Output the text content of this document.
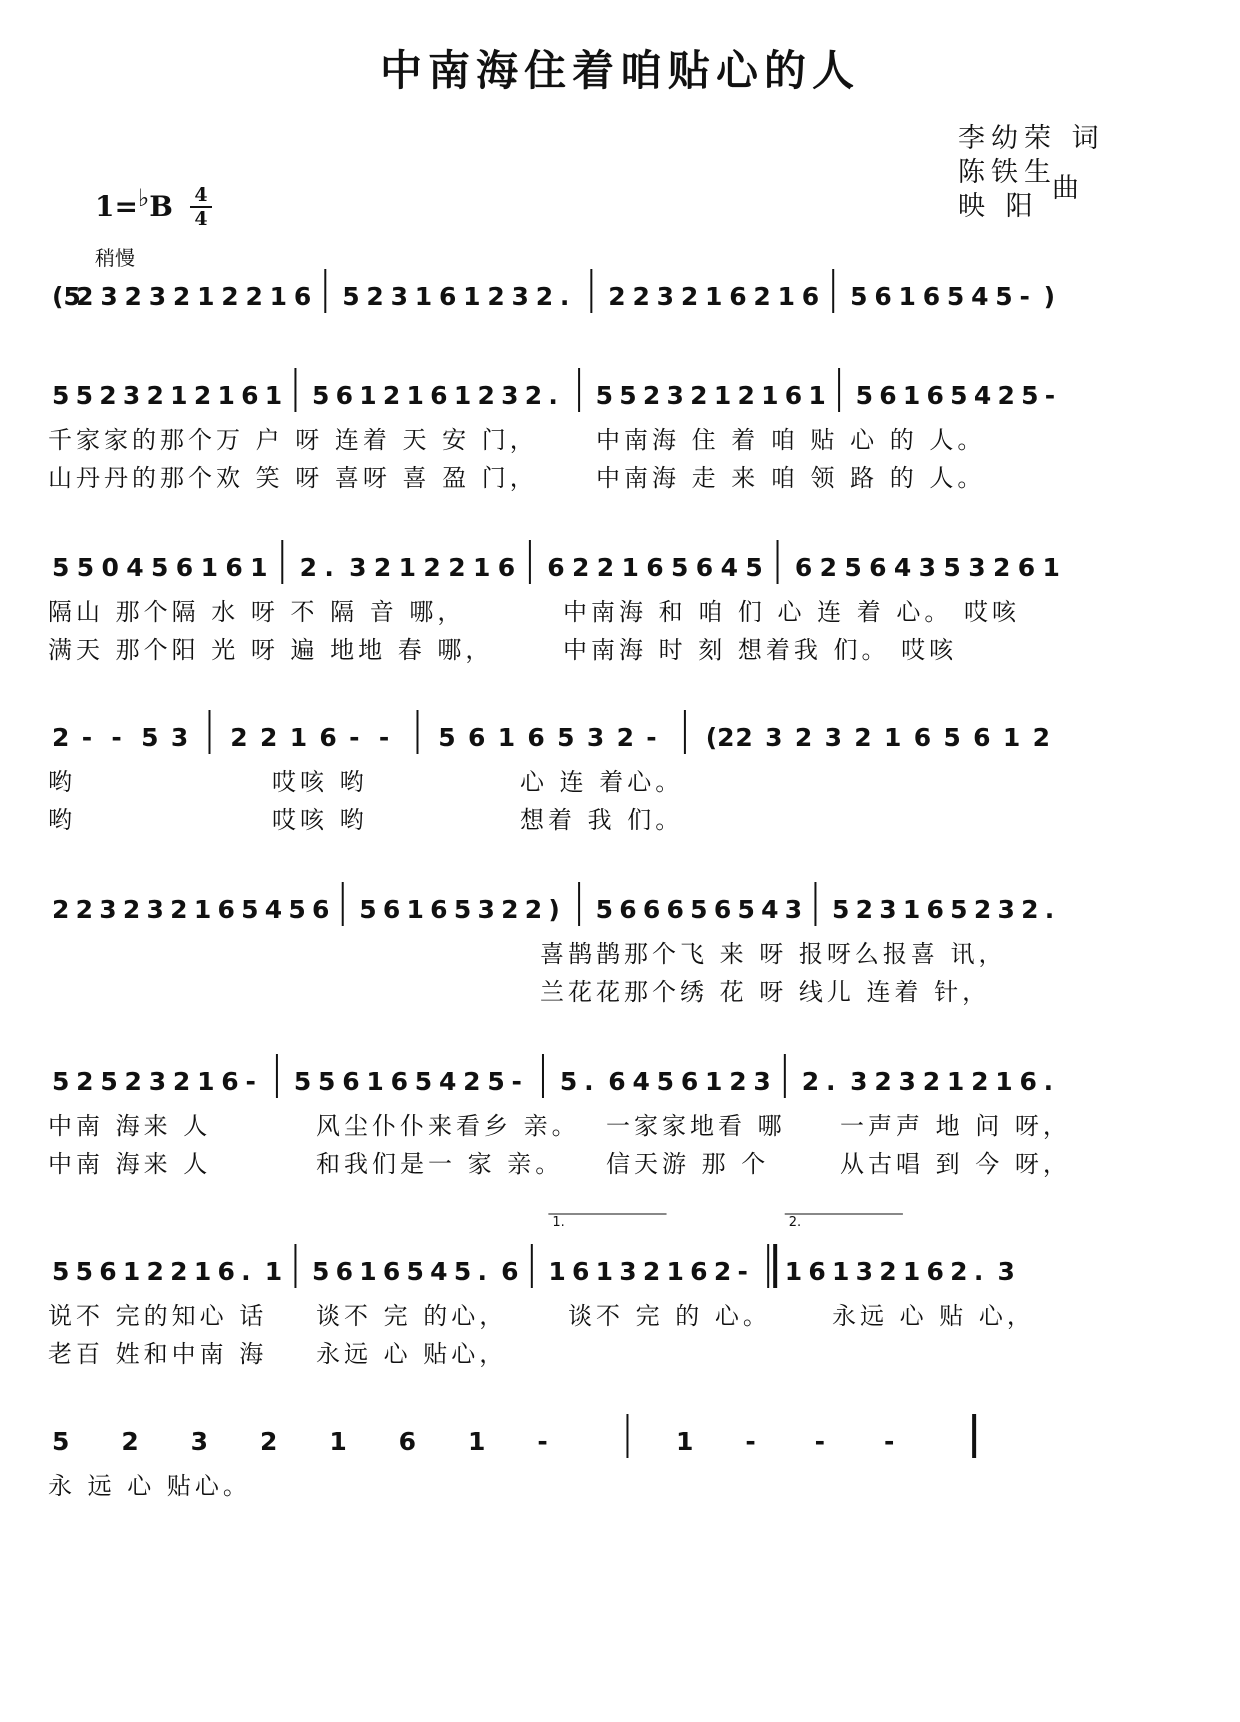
中南海住着咱贴心的人
李幼荣 词
陈铁生
映 阳
曲
1=♭B	4
4
稍慢
(5
2 3 2 3 2 1 2 2 1 6 5 2 3 1 6 1 2 3 2 . 2 2 3 2 1 6 2 1 6 5 6 1 6 5 4 5 - )
5 5 2 3 2 1 2 1 6 1 5 6 1 2 1 6 1 2 3 2 . 5 5 2 3 2 1 2 1 6 1 5 6 1 6 5 4 2 5 -
千家家的那个万 户 呀 连着 天 安 门， 中南海 住 着 咱 贴 心 的 人。
山丹丹的那个欢 笑 呀 喜呀 喜 盈 门， 中南海 走 来 咱 领 路 的 人。
5 5 0 4 5 6 1 6 1 2 . 3 2 1 2 2 1 6 6 2 2 1 6 5 6 4 5 6 2 5 6 4 3 5 3 2 6 1
隔山 那个隔 水 呀 不 隔 音 哪，	中南海 和 咱 们 心 连 着 心。 哎咳
满天 那个阳 光 呀 遍 地地 春 哪，	中南海 时 刻 想着我 们。 哎咳
2 - - 5 3 2 2 1 6 - - 5 6 1 6 5 3 2 - (2 2 3 2 3 2 1 6 5 6 1 2
哟	哎咳 哟	心 连 着心。
哟	哎咳 哟	想着 我 们。
2 2 3 2 3 2 1 6 5 4 5 6 5 6 1 6 5 3 2 2 ) 5 6 6 6 5 6 5 4 3 5 2 3 1 6 5 2 3 2 .
喜鹊鹊那个飞 来 呀 报呀么报喜 讯，
兰花花那个绣 花 呀 线儿 连着 针，
5 2 5 2 3 2 1 6 - 5 5 6 1 6 5 4 2 5 - 5 . 6 4 5 6 1 2 3 2 . 3 2 3 2 1 2 1 6 .
中南 海来 人	风尘仆仆来看乡 亲。 一家家地看 哪 一声声 地 问 呀，
中南 海来 人	和我们是一 家 亲。 信天游 那 个	从古唱 到 今 呀，
5 5 6 1 2 2 1 6 . 1 5 6 1 6 5 4 5 . 6
1.
1 6 1 3 2 1 6 2 -
2.
1 6 1 3 2 1 6 2 . 3
说不 完的知心 话 谈不 完 的心，	谈不 完 的 心。	永远 心 贴 心，
老百 姓和中南 海 永远 心 贴心，
5 2 3 2 1 6 1 -	1 - - -
永 远 心 贴心。
